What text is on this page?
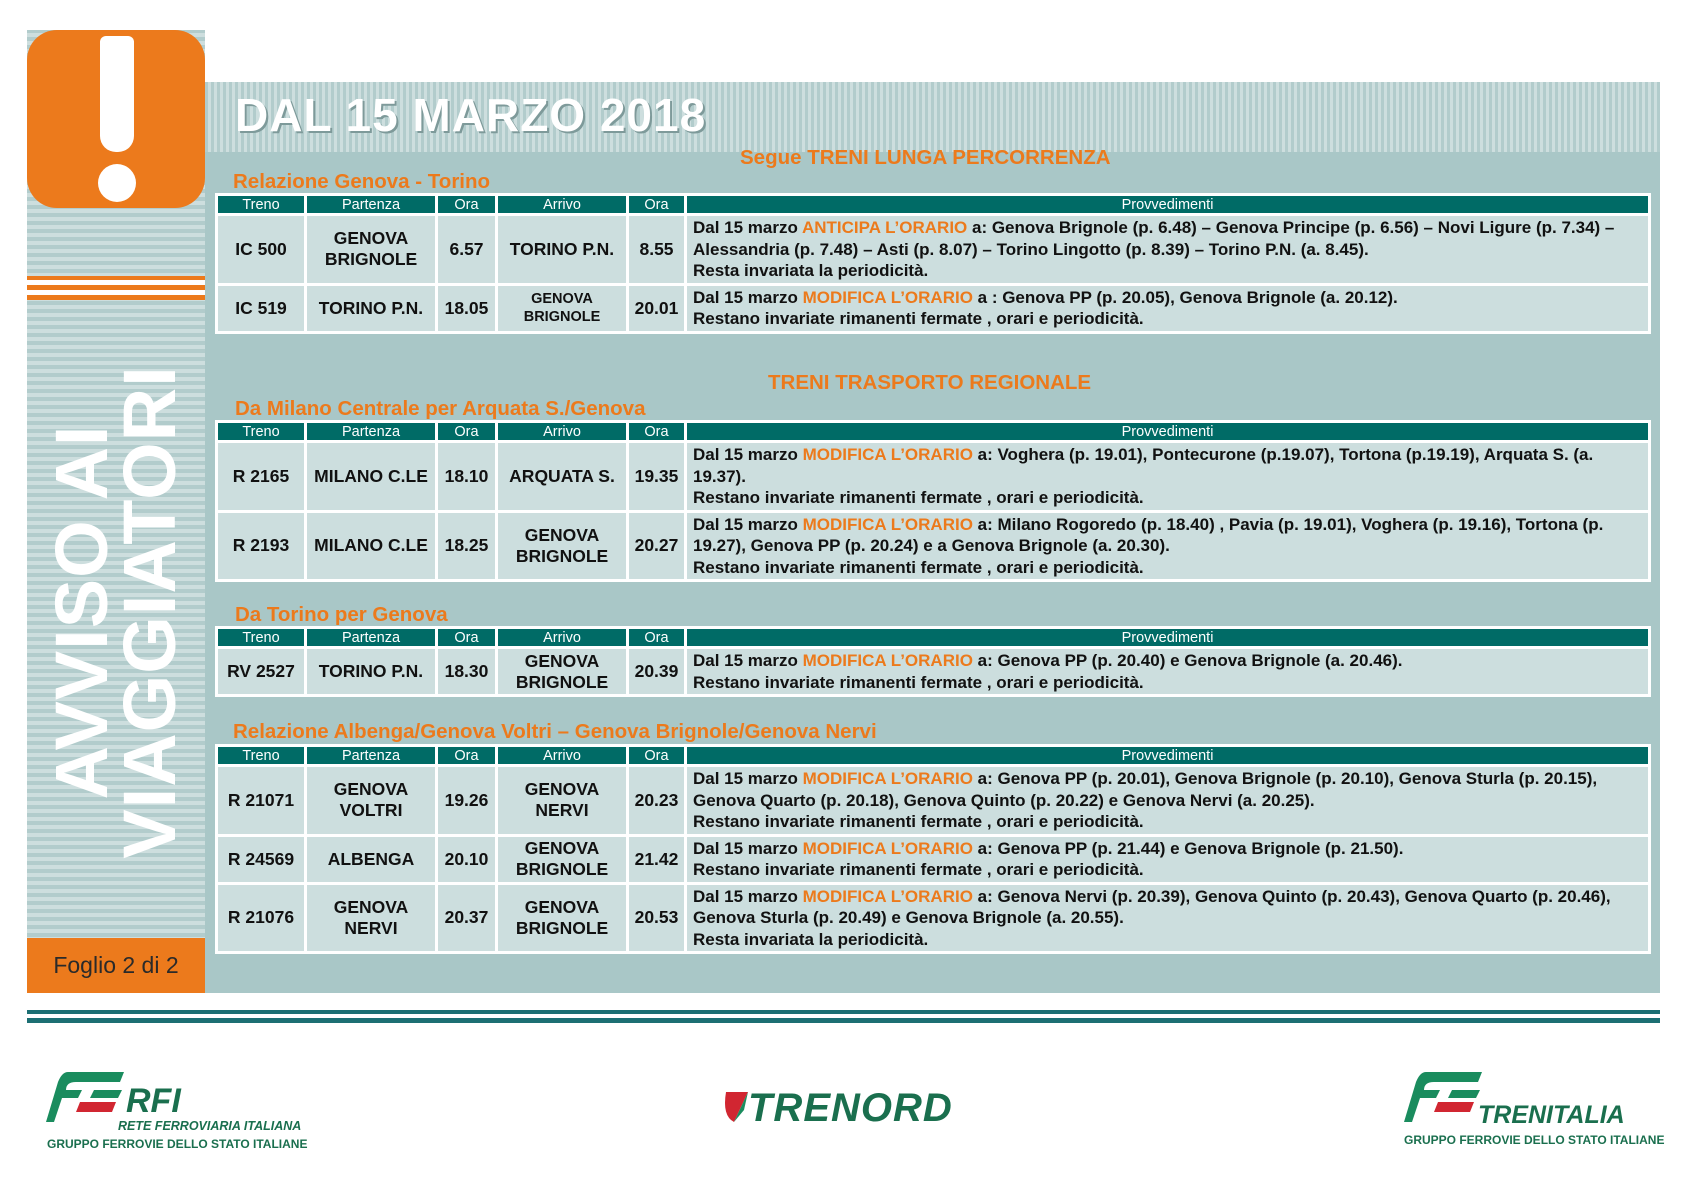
AVVISO AI
VIAGGIATORI
Foglio 2 di 2
DAL 15 MARZO 2018
Segue TRENI LUNGA PERCORRENZA
Relazione Genova - Torino
Treno	Partenza	Ora	Arrivo	Ora	Provvedimenti
IC 500	GENOVA BRIGNOLE	6.57	TORINO P.N.	8.55	Dal 15 marzo ANTICIPA L’ORARIO a: Genova Brignole (p. 6.48) – Genova Principe (p. 6.56) – Novi Ligure (p. 7.34) – Alessandria (p. 7.48) – Asti (p. 8.07) – Torino Lingotto (p. 8.39) – Torino P.N. (a. 8.45).
Resta invariata la periodicità.
IC 519	TORINO P.N.	18.05	GENOVA BRIGNOLE	20.01	Dal 15 marzo MODIFICA L’ORARIO a : Genova PP (p. 20.05), Genova Brignole (a. 20.12).
Restano invariate rimanenti fermate , orari e periodicità.
TRENI TRASPORTO REGIONALE
Da Milano Centrale per Arquata S./Genova
Treno	Partenza	Ora	Arrivo	Ora	Provvedimenti
R 2165	MILANO C.LE	18.10	ARQUATA S.	19.35	Dal 15 marzo MODIFICA L’ORARIO a: Voghera (p. 19.01), Pontecurone (p.19.07), Tortona (p.19.19), Arquata S. (a. 19.37).
Restano invariate rimanenti fermate , orari e periodicità.
R 2193	MILANO C.LE	18.25	GENOVA BRIGNOLE	20.27	Dal 15 marzo MODIFICA L’ORARIO a: Milano Rogoredo (p. 18.40) , Pavia (p. 19.01), Voghera (p. 19.16), Tortona (p. 19.27), Genova PP (p. 20.24) e a Genova Brignole (a. 20.30).
Restano invariate rimanenti fermate , orari e periodicità.
Da Torino per Genova
Treno	Partenza	Ora	Arrivo	Ora	Provvedimenti
RV 2527	TORINO P.N.	18.30	GENOVA BRIGNOLE	20.39	Dal 15 marzo MODIFICA L’ORARIO a: Genova PP (p. 20.40) e Genova Brignole (a. 20.46).
Restano invariate rimanenti fermate , orari e periodicità.
Relazione Albenga/Genova Voltri – Genova Brignole/Genova Nervi
Treno	Partenza	Ora	Arrivo	Ora	Provvedimenti
R 21071	GENOVA VOLTRI	19.26	GENOVA NERVI	20.23	Dal 15 marzo MODIFICA L’ORARIO a: Genova PP (p. 20.01), Genova Brignole (p. 20.10), Genova Sturla (p. 20.15), Genova Quarto (p. 20.18), Genova Quinto (p. 20.22) e Genova Nervi (a. 20.25).
Restano invariate rimanenti fermate , orari e periodicità.
R 24569	ALBENGA	20.10	GENOVA BRIGNOLE	21.42	Dal 15 marzo MODIFICA L’ORARIO a: Genova PP (p. 21.44) e Genova Brignole (p. 21.50).
Restano invariate rimanenti fermate , orari e periodicità.
R 21076	GENOVA NERVI	20.37	GENOVA BRIGNOLE	20.53	Dal 15 marzo MODIFICA L’ORARIO a: Genova Nervi (p. 20.39), Genova Quinto (p. 20.43), Genova Quarto (p. 20.46), Genova Sturla (p. 20.49) e Genova Brignole (a. 20.55).
Resta invariata la periodicità.
RFI
RETE FERROVIARIA ITALIANA
GRUPPO FERROVIE DELLO STATO ITALIANE
TRENORD	TRENITALIA
GRUPPO FERROVIE DELLO STATO ITALIANE
